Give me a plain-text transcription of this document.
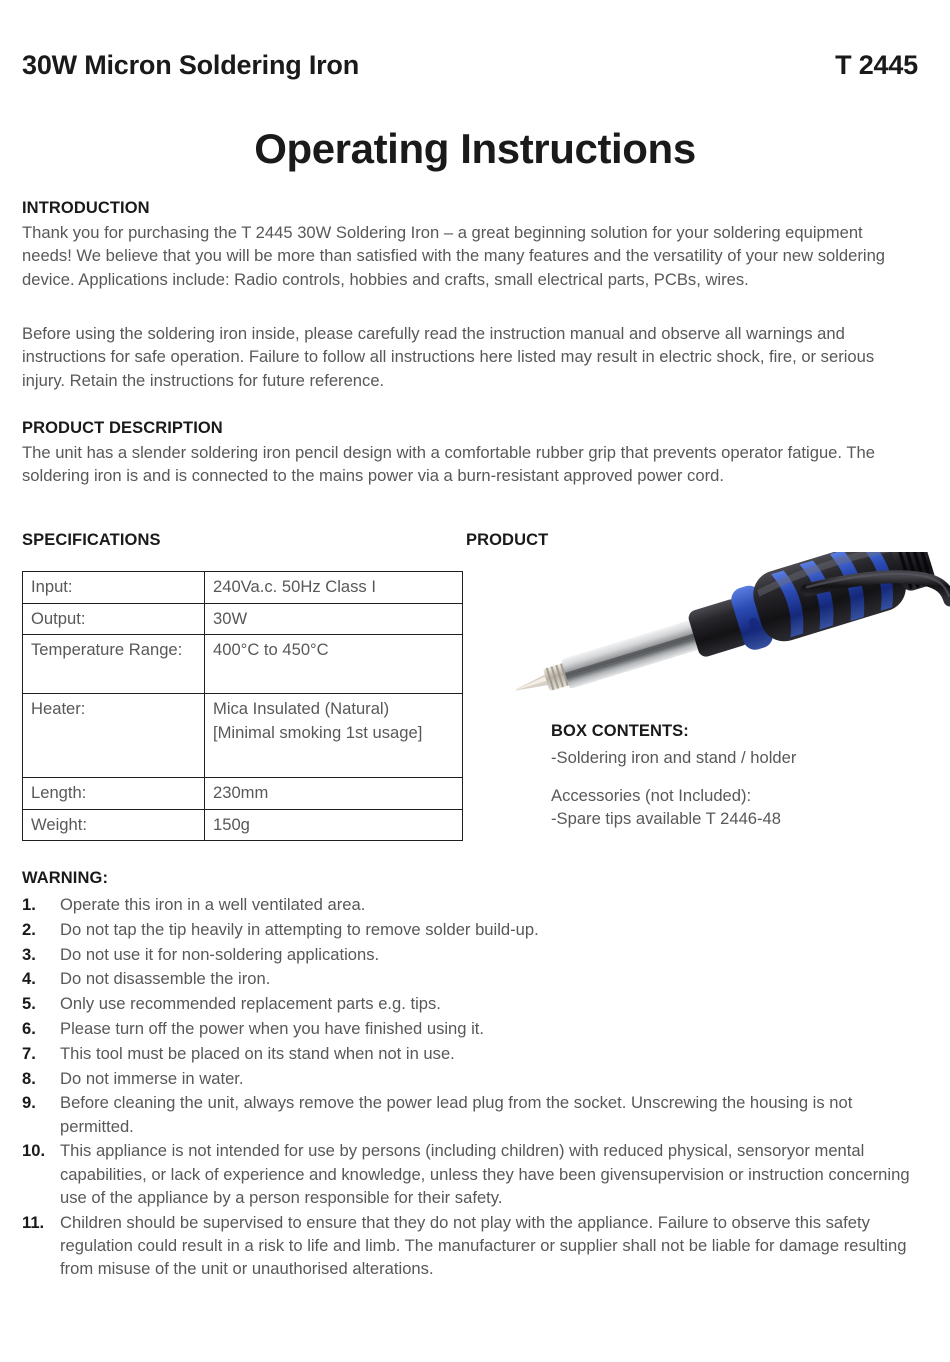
30W Micron Soldering Iron	T 2445
Operating Instructions
INTRODUCTION
Thank you for purchasing the T 2445 30W Soldering Iron – a great beginning solution for your soldering equipment needs! We believe that you will be more than satisfied with the many features and the versatility of your new soldering device. Applications include: Radio controls, hobbies and crafts, small electrical parts, PCBs, wires.
Before using the soldering iron inside, please carefully read the instruction manual and observe all warnings and instructions for safe operation. Failure to follow all instructions here listed may result in electric shock, fire, or serious injury. Retain the instructions for future reference.
PRODUCT DESCRIPTION
The unit has a slender soldering iron pencil design with a comfortable rubber grip that prevents operator fatigue. The soldering iron is and is connected to the mains power via a burn-resistant approved power cord.
SPECIFICATIONS	PRODUCT
Input:	240Va.c. 50Hz Class I
Output:	30W
Temperature Range:	400°C to 450°C
Heater:	Mica Insulated (Natural) [Minimal smoking 1st usage]
Length:	230mm
Weight:	150g
BOX CONTENTS:
-Soldering iron and stand / holder
Accessories (not Included):
-Spare tips available T 2446-48
WARNING:
1.	Operate this iron in a well ventilated area.
2.	Do not tap the tip heavily in attempting to remove solder build-up.
3.	Do not use it for non-soldering applications.
4.	Do not disassemble the iron.
5.	Only use recommended replacement parts e.g. tips.
6.	Please turn off the power when you have finished using it.
7.	This tool must be placed on its stand when not in use.
8.	Do not immerse in water.
9.	Before cleaning the unit, always remove the power lead plug from the socket. Unscrewing the housing is not permitted.
10. This appliance is not intended for use by persons (including children) with reduced physical, sensoryor mental capabilities, or lack of experience and knowledge, unless they have been givensupervision or instruction concerning use of the appliance by a person responsible for their safety.
11. Children should be supervised to ensure that they do not play with the appliance. Failure to observe this safety regulation could result in a risk to life and limb. The manufacturer or supplier shall not be liable for damage resulting from misuse of the unit or unauthorised alterations.
